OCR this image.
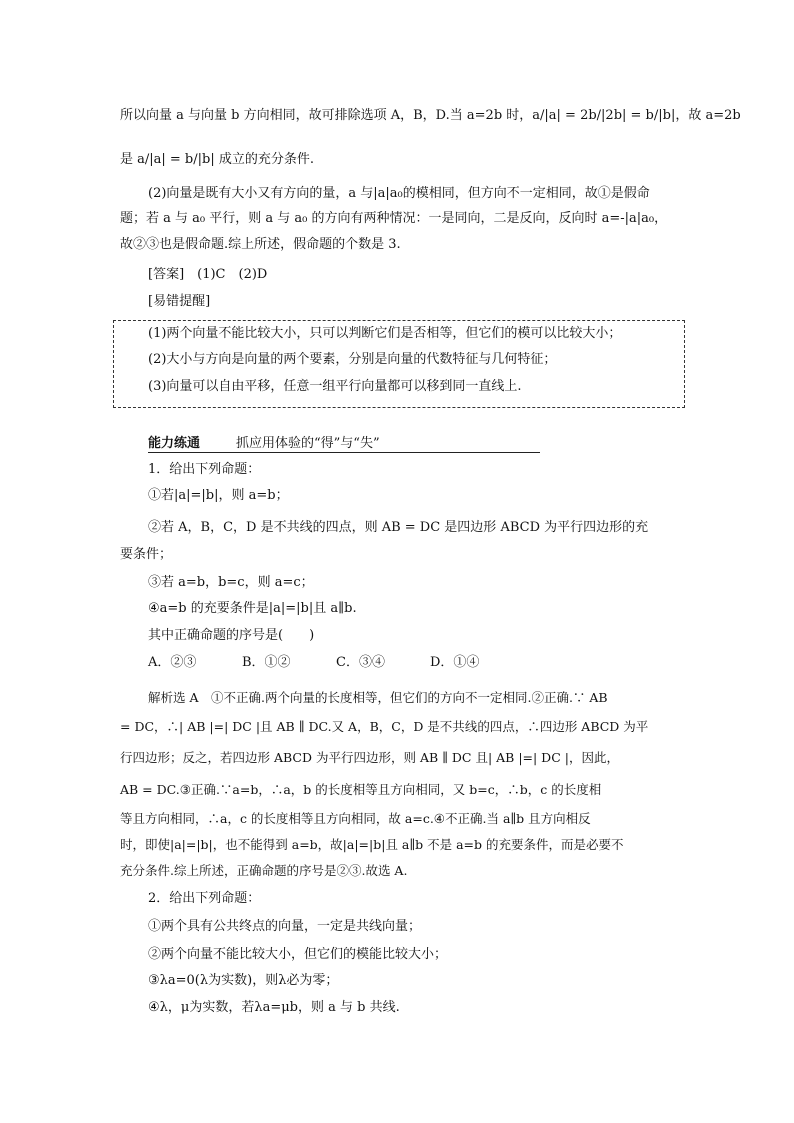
所以向量 a 与向量 b 方向相同，故可排除选项 A，B，D.当 a=2b 时，a/|a| = 2b/|2b| = b/|b|，故 a=2b
是 a/|a| = b/|b| 成立的充分条件.
(2)向量是既有大小又有方向的量，a 与|a|a₀的模相同，但方向不一定相同，故①是假命
题；若 a 与 a₀ 平行，则 a 与 a₀ 的方向有两种情况：一是同向，二是反向，反向时 a=-|a|a₀，
故②③也是假命题.综上所述，假命题的个数是 3.
[答案]　(1)C　(2)D
[易错提醒]
(1)两个向量不能比较大小，只可以判断它们是否相等，但它们的模可以比较大小；
(2)大小与方向是向量的两个要素，分别是向量的代数特征与几何特征；
(3)向量可以自由平移，任意一组平行向量都可以移到同一直线上.
能力练通	抓应用体验的“得”与“失”
1．给出下列命题：
①若|a|=|b|，则 a=b；
②若 A，B，C，D 是不共线的四点，则 AB = DC 是四边形 ABCD 为平行四边形的充
要条件；
③若 a=b，b=c，则 a=c；
④a=b 的充要条件是|a|=|b|且 a∥b.
其中正确命题的序号是(　　)
A．②③	B．①②	C．③④	D．①④
解析选 A　①不正确.两个向量的长度相等，但它们的方向不一定相同.②正确.∵ AB
= DC，∴| AB |=| DC |且 AB ∥ DC.又 A，B，C，D 是不共线的四点，∴四边形 ABCD 为平
行四边形；反之，若四边形 ABCD 为平行四边形，则 AB ∥ DC 且| AB |=| DC |，因此，
AB = DC.③正确.∵a=b，∴a，b 的长度相等且方向相同，又 b=c，∴b，c 的长度相
等且方向相同，∴a，c 的长度相等且方向相同，故 a=c.④不正确.当 a∥b 且方向相反
时，即使|a|=|b|，也不能得到 a=b，故|a|=|b|且 a∥b 不是 a=b 的充要条件，而是必要不
充分条件.综上所述，正确命题的序号是②③.故选 A.
2．给出下列命题：
①两个具有公共终点的向量，一定是共线向量；
②两个向量不能比较大小，但它们的模能比较大小；
③λa=0(λ为实数)，则λ必为零；
④λ，μ为实数，若λa=μb，则 a 与 b 共线.
